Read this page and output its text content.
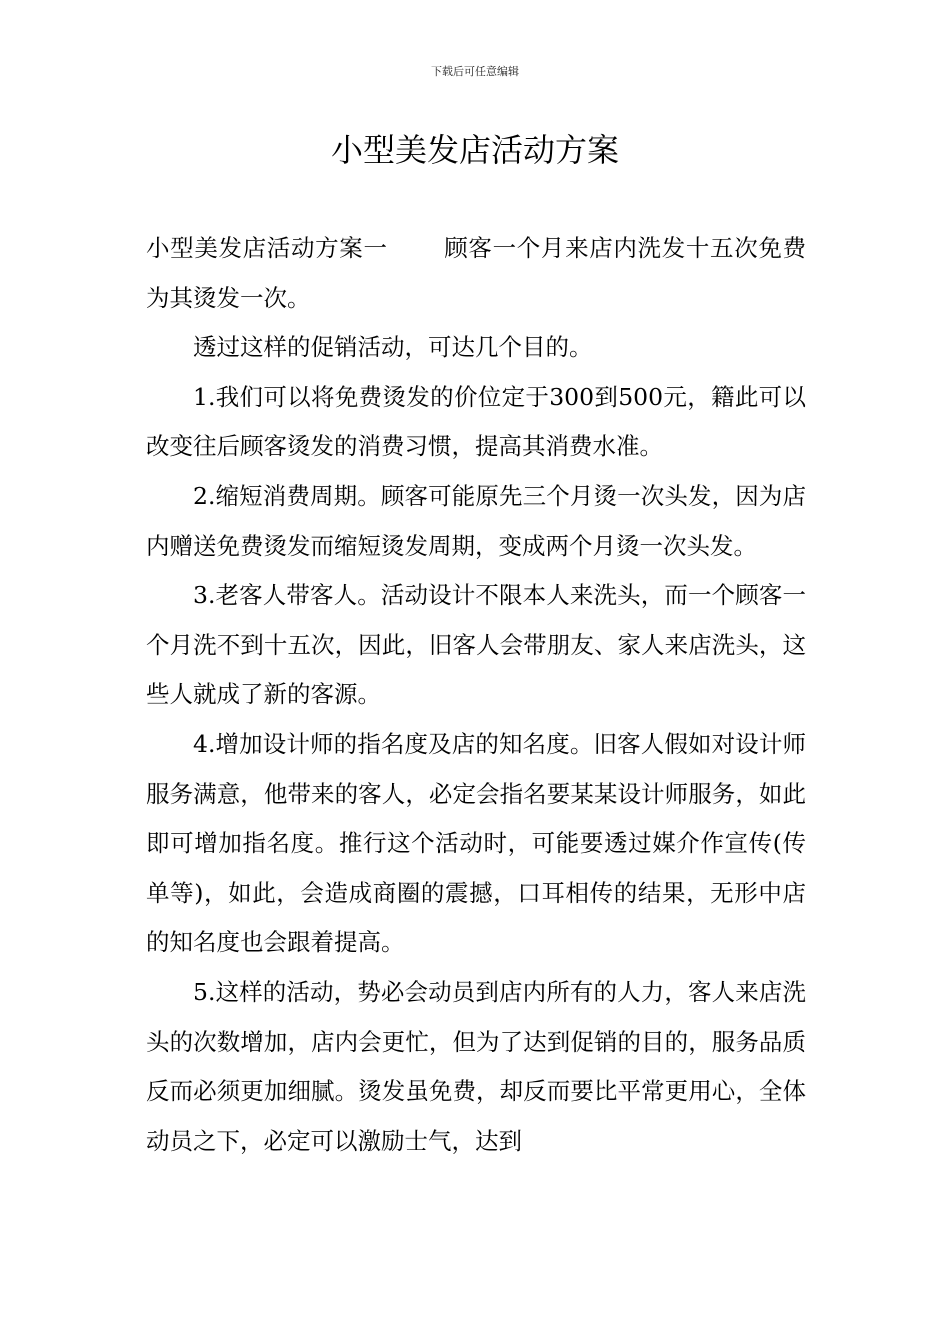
下载后可任意编辑
小型美发店活动方案

小型美发店活动方案一 顾客一个月来店内洗发十五次免费为其烫发一次。

透过这样的促销活动，可达几个目的。

1.我们可以将免费烫发的价位定于300到500元，籍此可以改变往后顾客烫发的消费习惯，提高其消费水准。

2.缩短消费周期。顾客可能原先三个月烫一次头发，因为店内赠送免费烫发而缩短烫发周期，变成两个月烫一次头发。

3.老客人带客人。活动设计不限本人来洗头，而一个顾客一个月洗不到十五次，因此，旧客人会带朋友、家人来店洗头，这些人就成了新的客源。

4.增加设计师的指名度及店的知名度。旧客人假如对设计师服务满意，他带来的客人，必定会指名要某某设计师服务，如此即可增加指名度。推行这个活动时，可能要透过媒介作宣传(传单等)，如此，会造成商圈的震撼，口耳相传的结果，无形中店的知名度也会跟着提高。

5.这样的活动，势必会动员到店内所有的人力，客人来店洗头的次数增加，店内会更忙，但为了达到促销的目的，服务品质反而必须更加细腻。烫发虽免费，却反而要比平常更用心，全体动员之下，必定可以激励士气，达到
